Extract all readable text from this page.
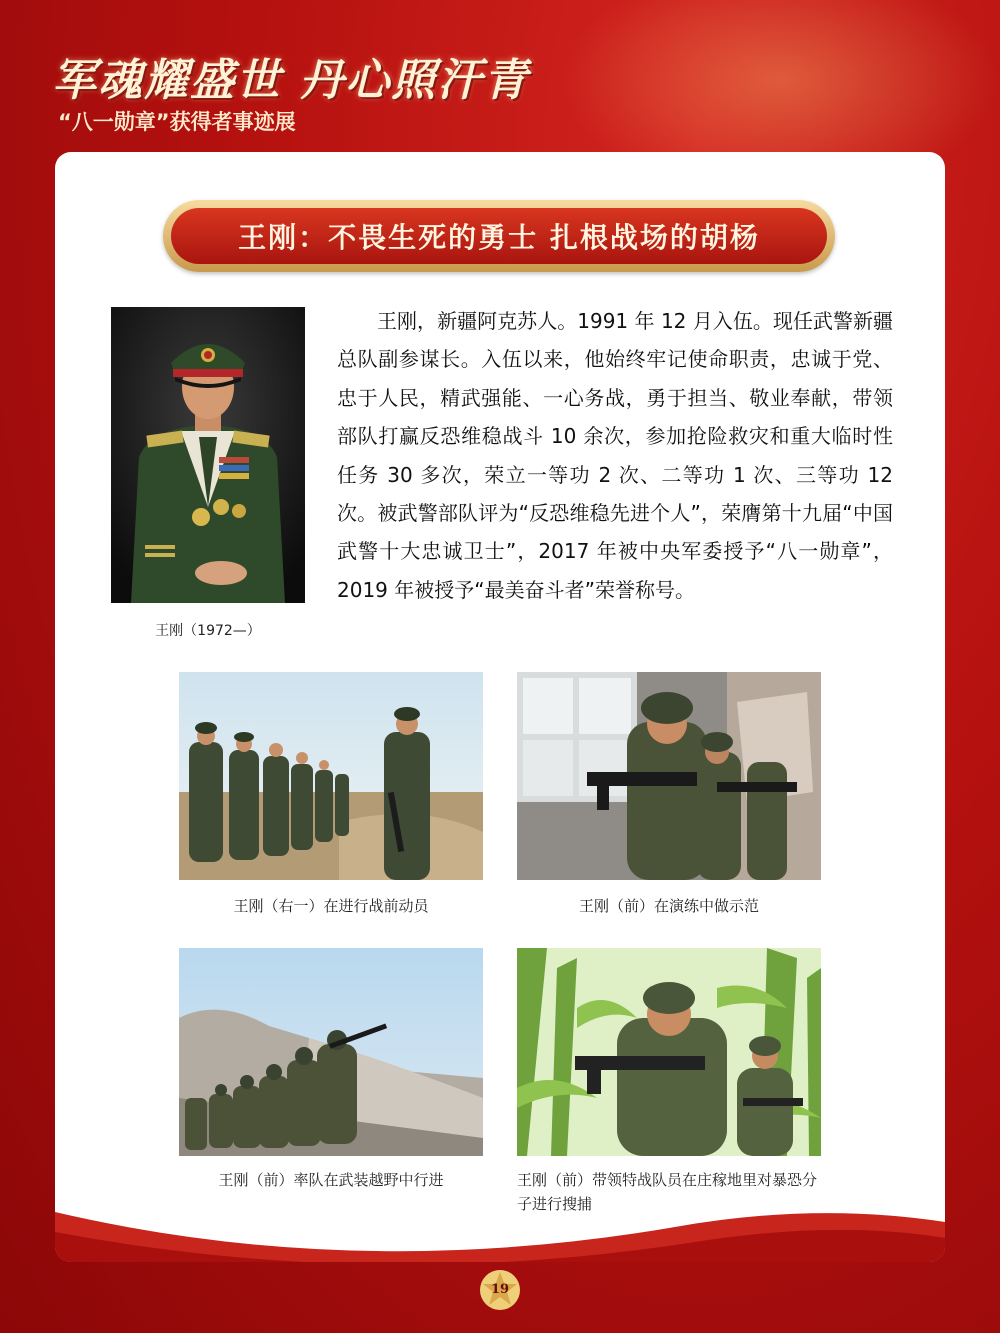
军魂耀盛世 丹心照汗青
“八一勋章”获得者事迹展
王刚：不畏生死的勇士 扎根战场的胡杨
王刚（1972—）

王刚，新疆阿克苏人。1991 年 12 月入伍。现任武警新疆总队副参谋长。入伍以来，他始终牢记使命职责，忠诚于党、忠于人民，精武强能、一心务战，勇于担当、敬业奉献，带领部队打赢反恐维稳战斗 10 余次，参加抢险救灾和重大临时性任务 30 多次，荣立一等功 2 次、二等功 1 次、三等功 12 次。被武警部队评为“反恐维稳先进个人”，荣膺第十九届“中国武警十大忠诚卫士”，2017 年被中央军委授予“八一勋章”，2019 年被授予“最美奋斗者”荣誉称号。

王刚（右一）在进行战前动员	王刚（前）在演练中做示范
王刚（前）率队在武装越野中行进	王刚（前）带领特战队员在庄稼地里对暴恐分子进行搜捕
19
